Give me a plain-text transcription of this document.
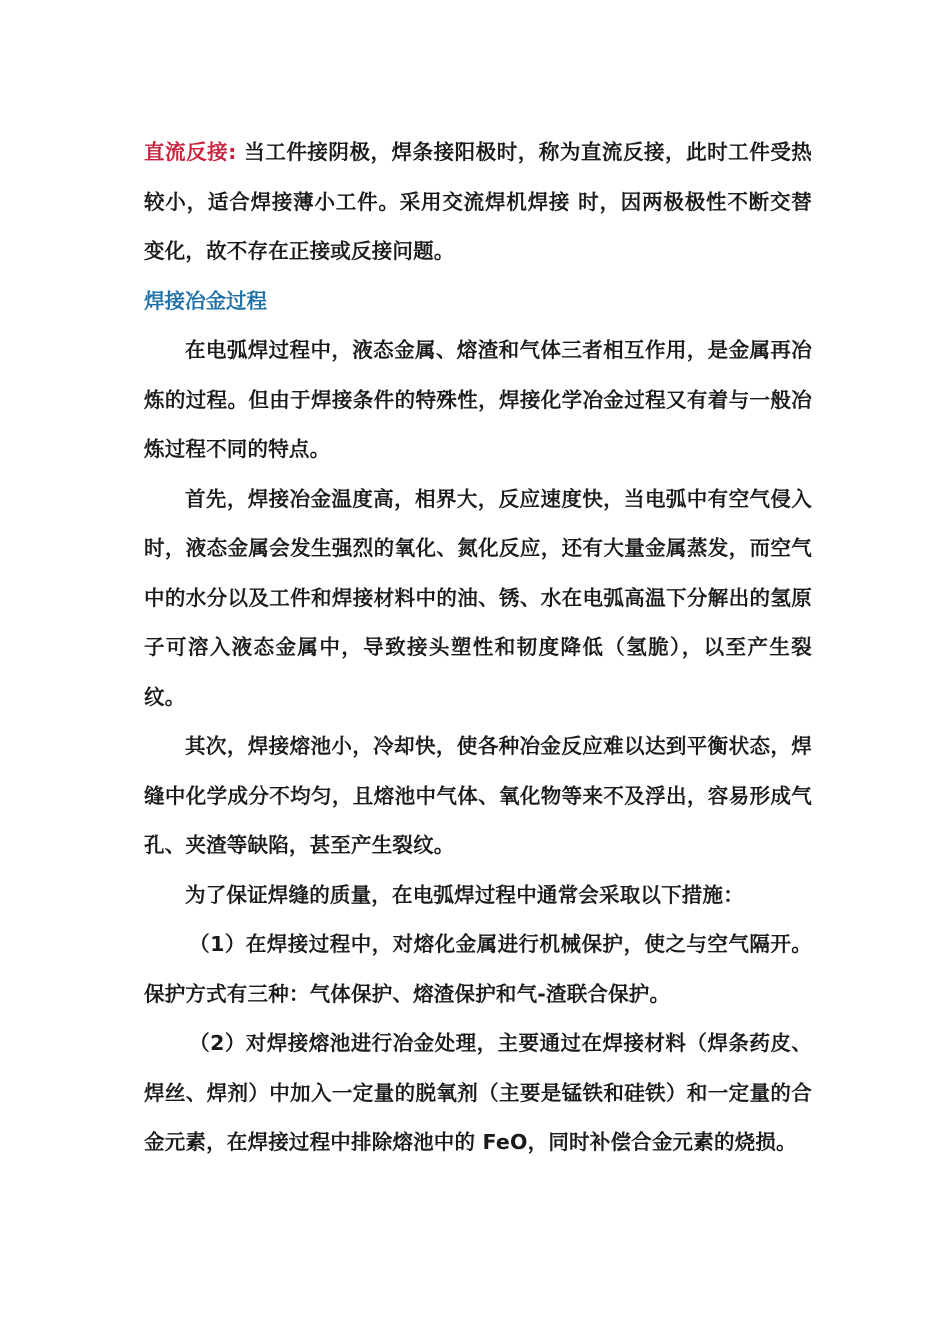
直流反接: 当工件接阴极，焊条接阳极时，称为直流反接，此时工件受热较小，适合焊接薄小工件。采用交流焊机焊接 时，因两极极性不断交替变化，故不存在正接或反接问题。

焊接冶金过程

在电弧焊过程中，液态金属、熔渣和气体三者相互作用，是金属再冶炼的过程。但由于焊接条件的特殊性，焊接化学冶金过程又有着与一般冶炼过程不同的特点。

首先，焊接冶金温度高，相界大，反应速度快，当电弧中有空气侵入时，液态金属会发生强烈的氧化、氮化反应，还有大量金属蒸发，而空气中的水分以及工件和焊接材料中的油、锈、水在电弧高温下分解出的氢原子可溶入液态金属中，导致接头塑性和韧度降低（氢脆），以至产生裂纹。

其次，焊接熔池小，冷却快，使各种冶金反应难以达到平衡状态，焊缝中化学成分不均匀，且熔池中气体、氧化物等来不及浮出，容易形成气孔、夹渣等缺陷，甚至产生裂纹。

为了保证焊缝的质量，在电弧焊过程中通常会采取以下措施：

（1）在焊接过程中，对熔化金属进行机械保护，使之与空气隔开。保护方式有三种：气体保护、熔渣保护和气-渣联合保护。

（2）对焊接熔池进行冶金处理，主要通过在焊接材料（焊条药皮、焊丝、焊剂）中加入一定量的脱氧剂（主要是锰铁和硅铁）和一定量的合金元素，在焊接过程中排除熔池中的 FeO，同时补偿合金元素的烧损。
